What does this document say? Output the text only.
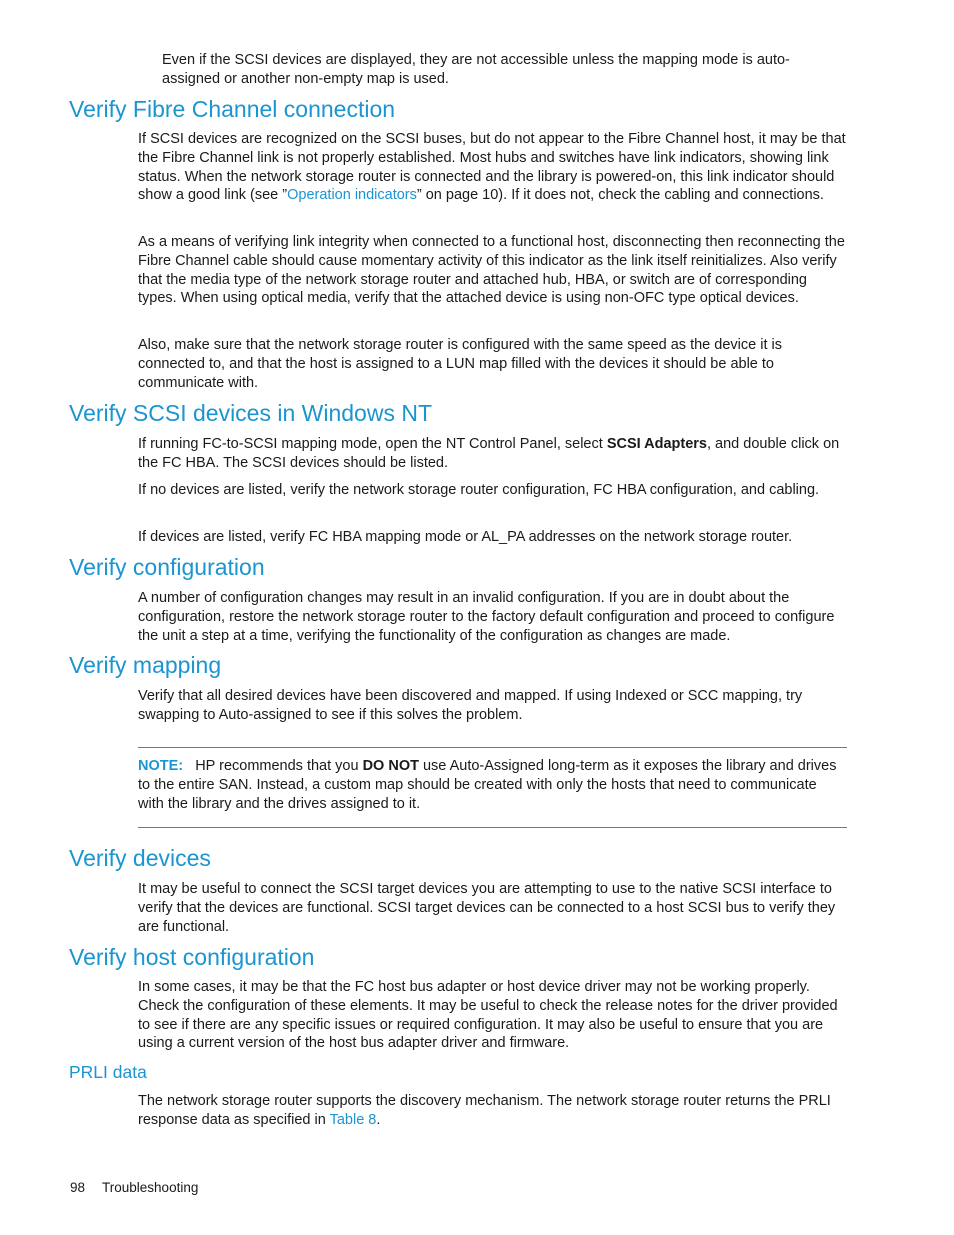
Even if the SCSI devices are displayed, they are not accessible unless the mapping mode is auto-assigned or another non-empty map is used.

Verify Fibre Channel connection

If SCSI devices are recognized on the SCSI buses, but do not appear to the Fibre Channel host, it may be that the Fibre Channel link is not properly established. Most hubs and switches have link indicators, showing link status. When the network storage router is connected and the library is powered-on, this link indicator should show a good link (see ”Operation indicators” on page 10). If it does not, check the cabling and connections.

As a means of verifying link integrity when connected to a functional host, disconnecting then reconnecting the Fibre Channel cable should cause momentary activity of this indicator as the link itself reinitializes. Also verify that the media type of the network storage router and attached hub, HBA, or switch are of corresponding types. When using optical media, verify that the attached device is using non-OFC type optical devices.

Also, make sure that the network storage router is configured with the same speed as the device it is connected to, and that the host is assigned to a LUN map filled with the devices it should be able to communicate with.

Verify SCSI devices in Windows NT

If running FC-to-SCSI mapping mode, open the NT Control Panel, select SCSI Adapters, and double click on the FC HBA. The SCSI devices should be listed.

If no devices are listed, verify the network storage router configuration, FC HBA configuration, and cabling.

If devices are listed, verify FC HBA mapping mode or AL_PA addresses on the network storage router.

Verify configuration

A number of configuration changes may result in an invalid configuration. If you are in doubt about the configuration, restore the network storage router to the factory default configuration and proceed to configure the unit a step at a time, verifying the functionality of the configuration as changes are made.

Verify mapping

Verify that all desired devices have been discovered and mapped. If using Indexed or SCC mapping, try swapping to Auto-assigned to see if this solves the problem.

NOTE: HP recommends that you DO NOT use Auto-Assigned long-term as it exposes the library and drives to the entire SAN. Instead, a custom map should be created with only the hosts that need to communicate with the library and the drives assigned to it.

Verify devices

It may be useful to connect the SCSI target devices you are attempting to use to the native SCSI interface to verify that the devices are functional. SCSI target devices can be connected to a host SCSI bus to verify they are functional.

Verify host configuration

In some cases, it may be that the FC host bus adapter or host device driver may not be working properly. Check the configuration of these elements. It may be useful to check the release notes for the driver provided to see if there are any specific issues or required configuration. It may also be useful to ensure that you are using a current version of the host bus adapter driver and firmware.

PRLI data

The network storage router supports the discovery mechanism. The network storage router returns the PRLI response data as specified in Table 8.

98 Troubleshooting
